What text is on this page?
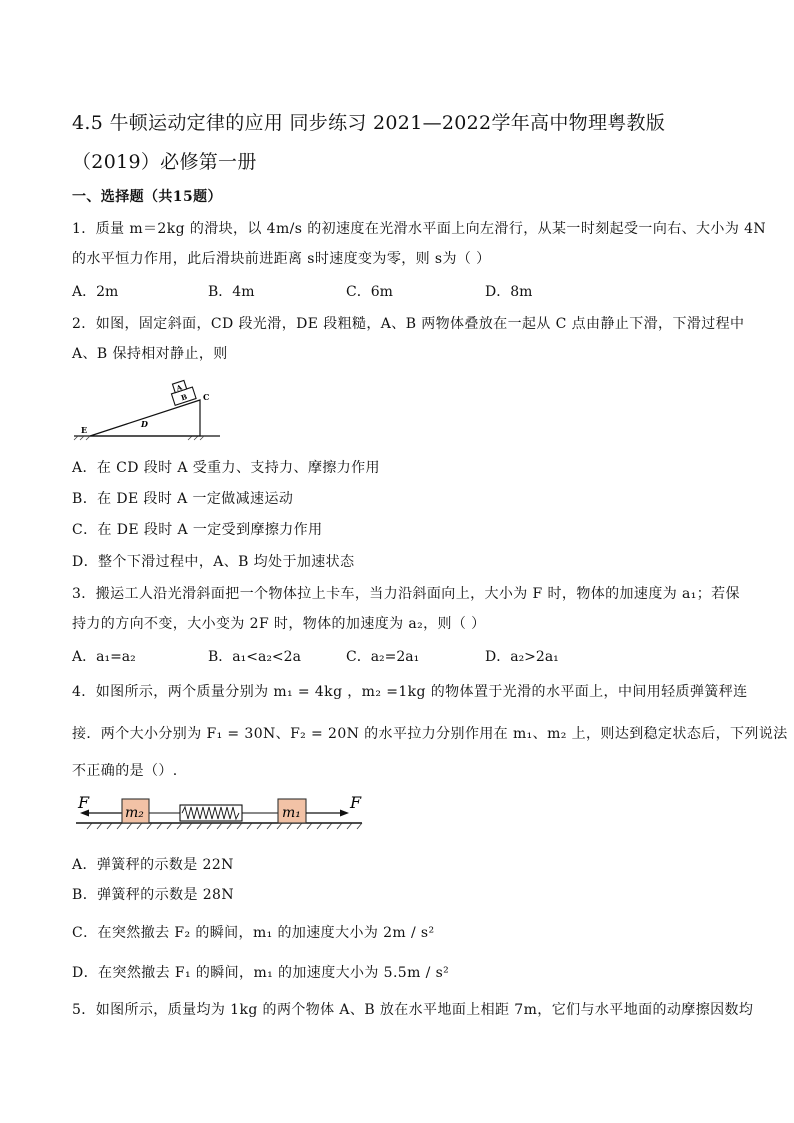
4.5 牛顿运动定律的应用 同步练习 2021—2022学年高中物理粤教版
（2019）必修第一册
一、选择题（共15题）
1．质量 m＝2kg 的滑块，以 4m/s 的初速度在光滑水平面上向左滑行，从某一时刻起受一向右、大小为 4N
的水平恒力作用，此后滑块前进距离 s时速度变为零，则 s为（ ）
A．2m	B．4m	C．6m	D．8m
2．如图，固定斜面，CD 段光滑，DE 段粗糙，A、B 两物体叠放在一起从 C 点由静止下滑，下滑过程中
A、B 保持相对静止，则
A
B C
D
E
A．在 CD 段时 A 受重力、支持力、摩擦力作用
B．在 DE 段时 A 一定做减速运动
C．在 DE 段时 A 一定受到摩擦力作用
D．整个下滑过程中，A、B 均处于加速状态
3．搬运工人沿光滑斜面把一个物体拉上卡车，当力沿斜面向上，大小为 F 时，物体的加速度为 a₁；若保
持力的方向不变，大小变为 2F 时，物体的加速度为 a₂，则（ ）
A．a₁=a₂	B．a₁<a₂<2a	C．a₂=2a₁	D．a₂>2a₁
4．如图所示，两个质量分别为 m₁ = 4kg ，m₂ =1kg 的物体置于光滑的水平面上，中间用轻质弹簧秤连
接．两个大小分别为 F₁ = 30N、F₂ = 20N 的水平拉力分别作用在 m₁、m₂ 上，则达到稳定状态后，下列说法
不正确的是（）.
F
m₂	m₁
F
A．弹簧秤的示数是 22N
B．弹簧秤的示数是 28N
C．在突然撤去 F₂ 的瞬间，m₁ 的加速度大小为 2m / s²
D．在突然撤去 F₁ 的瞬间，m₁ 的加速度大小为 5.5m / s²
5．如图所示，质量均为 1kg 的两个物体 A、B 放在水平地面上相距 7m，它们与水平地面的动摩擦因数均
